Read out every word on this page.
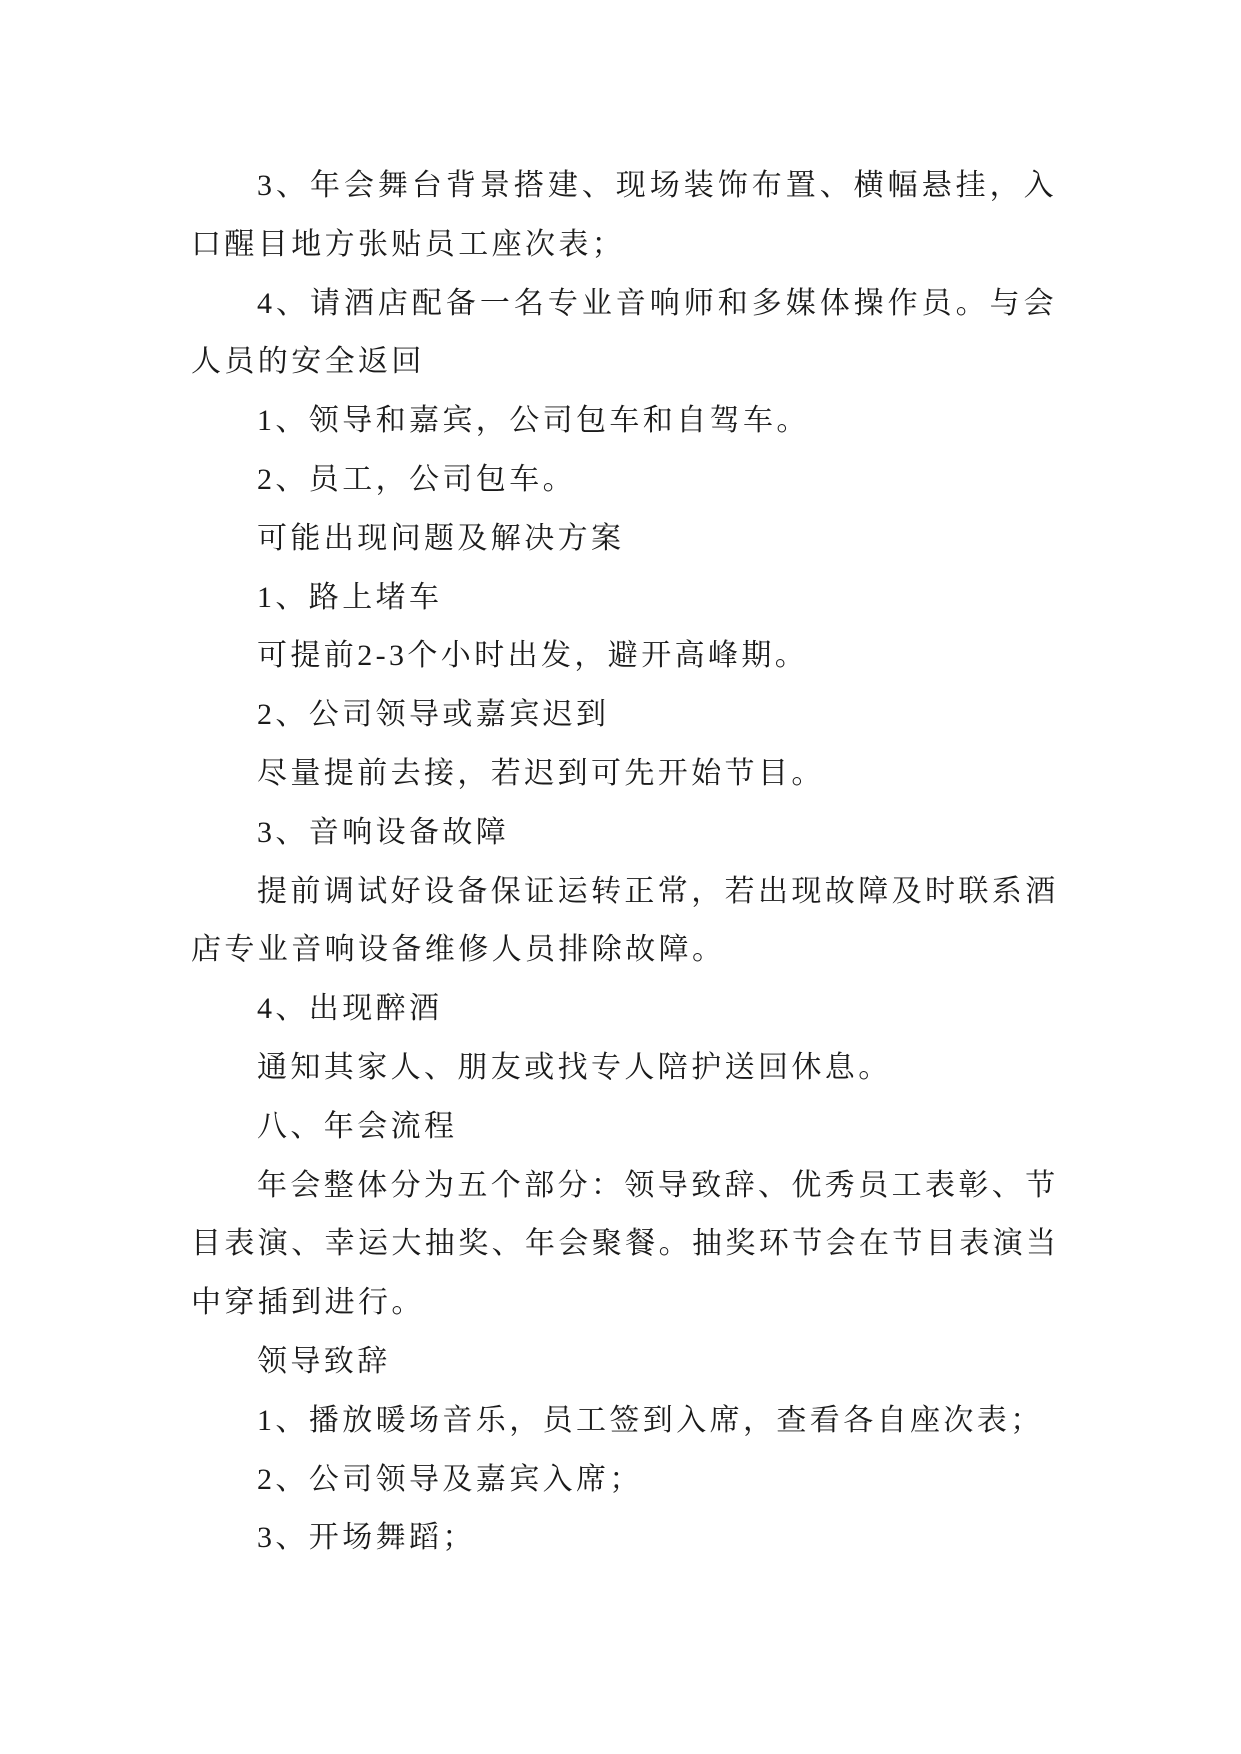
3、年会舞台背景搭建、现场装饰布置、横幅悬挂，入
口醒目地方张贴员工座次表；
4、请酒店配备一名专业音响师和多媒体操作员。与会
人员的安全返回
1、领导和嘉宾，公司包车和自驾车。
2、员工，公司包车。
可能出现问题及解决方案
1、路上堵车
可提前2-3个小时出发，避开高峰期。
2、公司领导或嘉宾迟到
尽量提前去接，若迟到可先开始节目。
3、音响设备故障
提前调试好设备保证运转正常，若出现故障及时联系酒
店专业音响设备维修人员排除故障。
4、出现醉酒
通知其家人、朋友或找专人陪护送回休息。
八、年会流程
年会整体分为五个部分：领导致辞、优秀员工表彰、节
目表演、幸运大抽奖、年会聚餐。抽奖环节会在节目表演当
中穿插到进行。
领导致辞
1、播放暖场音乐，员工签到入席，查看各自座次表；
2、公司领导及嘉宾入席；
3、开场舞蹈；
